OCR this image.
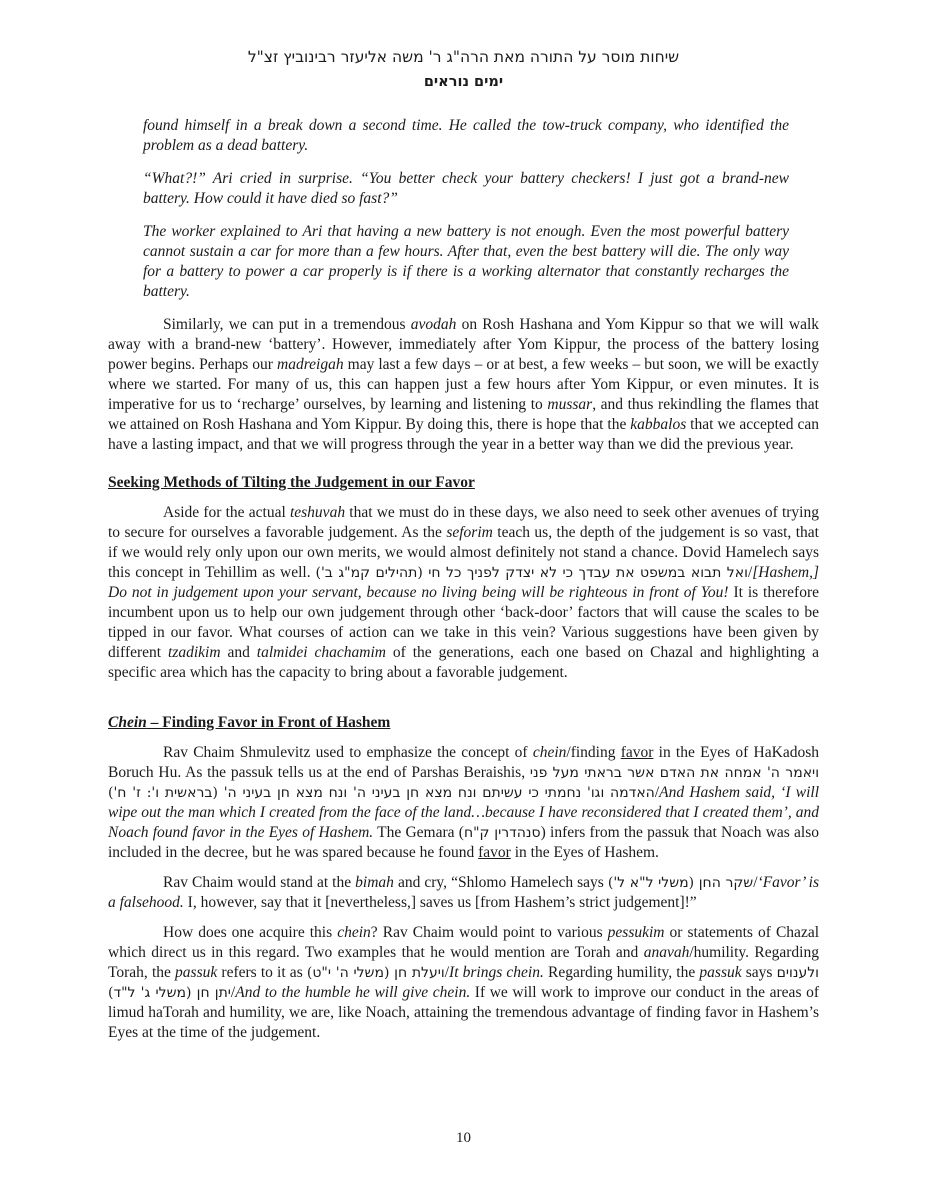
שיחות מוסר על התורה מאת הרה"ג ר' משה אליעזר רבינוביץ זצ"ל
ימים נוראים

found himself in a break down a second time. He called the tow-truck company, who identified the problem as a dead battery.

“What?!” Ari cried in surprise. “You better check your battery checkers! I just got a brand-new battery. How could it have died so fast?”

The worker explained to Ari that having a new battery is not enough. Even the most powerful battery cannot sustain a car for more than a few hours. After that, even the best battery will die. The only way for a battery to power a car properly is if there is a working alternator that constantly recharges the battery.

Similarly, we can put in a tremendous avodah on Rosh Hashana and Yom Kippur so that we will walk away with a brand-new ‘battery’. However, immediately after Yom Kippur, the process of the battery losing power begins. Perhaps our madreigah may last a few days – or at best, a few weeks – but soon, we will be exactly where we started. For many of us, this can happen just a few hours after Yom Kippur, or even minutes. It is imperative for us to ‘recharge’ ourselves, by learning and listening to mussar, and thus rekindling the flames that we attained on Rosh Hashana and Yom Kippur. By doing this, there is hope that the kabbalos that we accepted can have a lasting impact, and that we will progress through the year in a better way than we did the previous year.

Seeking Methods of Tilting the Judgement in our Favor

Aside for the actual teshuvah that we must do in these days, we also need to seek other avenues of trying to secure for ourselves a favorable judgement. As the seforim teach us, the depth of the judgement is so vast, that if we would rely only upon our own merits, we would almost definitely not stand a chance. Dovid Hamelech says this concept in Tehillim as well. ואל תבוא במשפט את עבדך כי לא יצדק לפניך כל חי (תהילים קמ"ג ב')/[Hashem,] Do not in judgement upon your servant, because no living being will be righteous in front of You! It is therefore incumbent upon us to help our own judgement through other ‘back-door’ factors that will cause the scales to be tipped in our favor. What courses of action can we take in this vein? Various suggestions have been given by different tzadikim and talmidei chachamim of the generations, each one based on Chazal and highlighting a specific area which has the capacity to bring about a favorable judgement.

Chein – Finding Favor in Front of Hashem

Rav Chaim Shmulevitz used to emphasize the concept of chein/finding favor in the Eyes of HaKadosh Boruch Hu. As the passuk tells us at the end of Parshas Beraishis, ויאמר ה' אמחה את האדם אשר בראתי מעל פני האדמה וגו' נחמתי כי עשיתם ונח מצא חן בעיני ה' ונח מצא חן בעיני ה' (בראשית ו': ז' ח')/And Hashem said, ‘I will wipe out the man which I created from the face of the land…because I have reconsidered that I created them’, and Noach found favor in the Eyes of Hashem. The Gemara (סנהדרין ק"ח) infers from the passuk that Noach was also included in the decree, but he was spared because he found favor in the Eyes of Hashem.

Rav Chaim would stand at the bimah and cry, “Shlomo Hamelech says שקר החן (משלי ל"א ל')/‘Favor’ is a falsehood. I, however, say that it [nevertheless,] saves us [from Hashem’s strict judgement]!”

How does one acquire this chein? Rav Chaim would point to various pessukim or statements of Chazal which direct us in this regard. Two examples that he would mention are Torah and anavah/humility. Regarding Torah, the passuk refers to it as ויעלת חן (משלי ה' י"ט)/It brings chein. Regarding humility, the passuk says ולענוים יתן חן (משלי ג' ל"ד)/And to the humble he will give chein. If we will work to improve our conduct in the areas of limud haTorah and humility, we are, like Noach, attaining the tremendous advantage of finding favor in Hashem’s Eyes at the time of the judgement.

10
